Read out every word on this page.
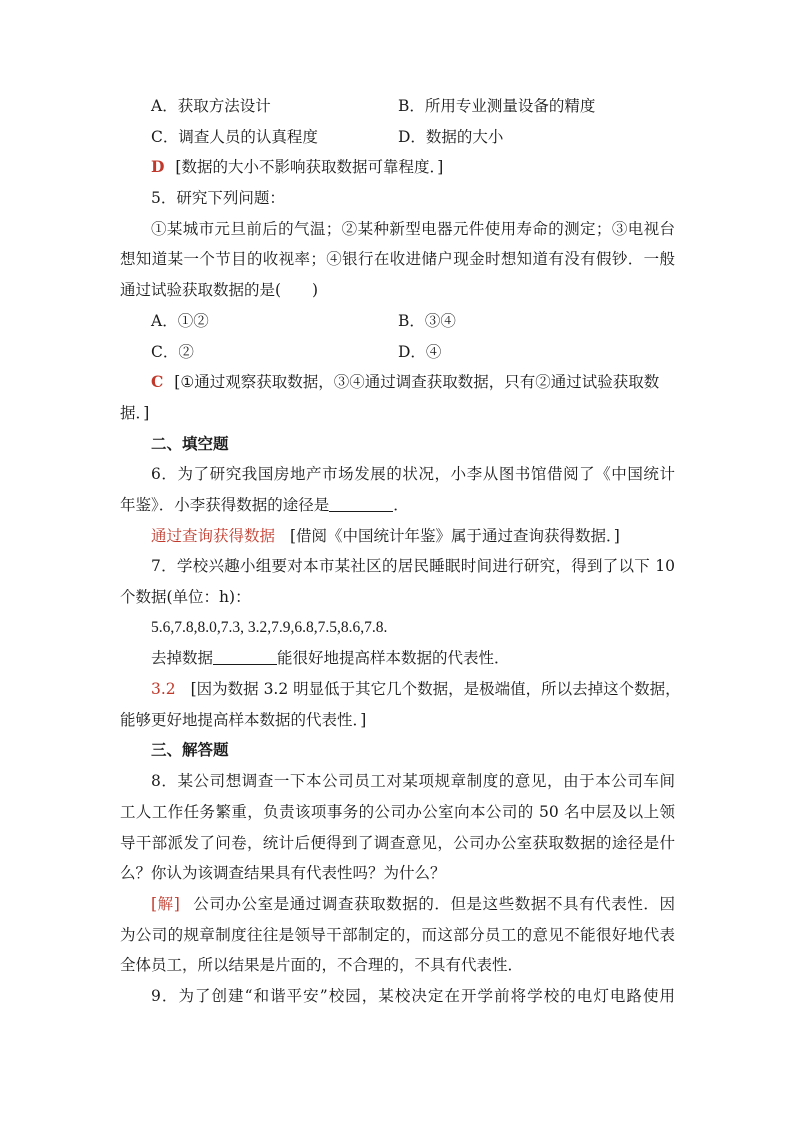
A．获取方法设计	B．所用专业测量设备的精度
C．调查人员的认真程度	D．数据的大小
D [数据的大小不影响获取数据可靠程度．]
5．研究下列问题：
①某城市元旦前后的气温；②某种新型电器元件使用寿命的测定；③电视台
想知道某一个节目的收视率；④银行在收进储户现金时想知道有没有假钞．一般
通过试验获取数据的是(　　)
A．①②	B．③④
C．②	D．④
C [①通过观察获取数据，③④通过调查获取数据，只有②通过试验获取数
据．]
二、填空题
6．为了研究我国房地产市场发展的状况，小李从图书馆借阅了《中国统计
年鉴》．小李获得数据的途径是	．
通过查询获得数据 [借阅《中国统计年鉴》属于通过查询获得数据．]
7．学校兴趣小组要对本市某社区的居民睡眠时间进行研究，得到了以下 10
个数据(单位：h)：
5.6,7.8,8.0,7.3, 3.2,7.9,6.8,7.5,8.6,7.8.
去掉数据	能很好地提高样本数据的代表性．
3.2 [因为数据 3.2 明显低于其它几个数据，是极端值，所以去掉这个数据，
能够更好地提高样本数据的代表性．]
三、解答题
8．某公司想调查一下本公司员工对某项规章制度的意见，由于本公司车间
工人工作任务繁重，负责该项事务的公司办公室向本公司的 50 名中层及以上领
导干部派发了问卷，统计后便得到了调查意见，公司办公室获取数据的途径是什
么？你认为该调查结果具有代表性吗？为什么？
[解] 公司办公室是通过调查获取数据的．但是这些数据不具有代表性．因
为公司的规章制度往往是领导干部制定的，而这部分员工的意见不能很好地代表
全体员工，所以结果是片面的，不合理的，不具有代表性．
9．为了创建“和谐平安”校园，某校决定在开学前将学校的电灯电路使用
